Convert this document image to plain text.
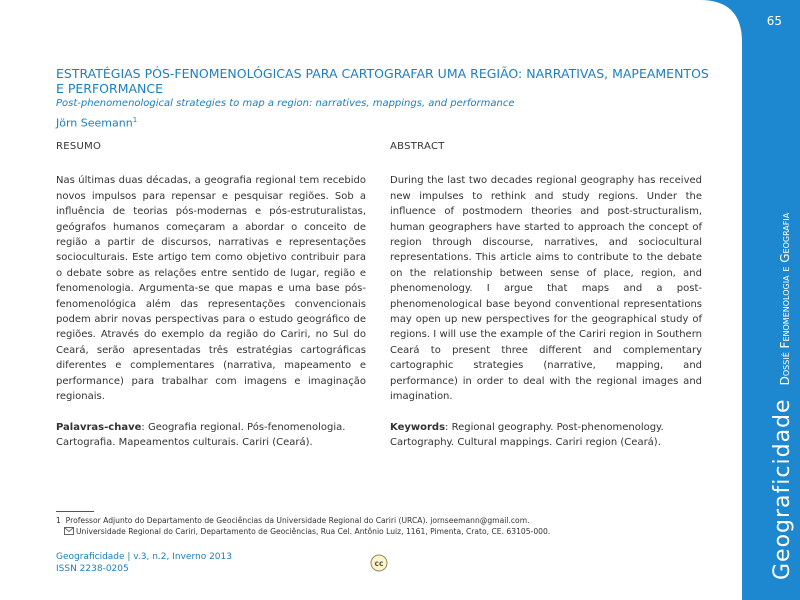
65
Geograficidade Dossiê Fenomenologia e Geografia
ESTRATÉGIAS PÓS-FENOMENOLÓGICAS PARA CARTOGRAFAR UMA REGIÃO: NARRATIVAS, MAPEAMENTOS E PERFORMANCE
Post-phenomenological strategies to map a region: narratives, mappings, and performance
Jörn Seemann$^1$
RESUMO

Nas últimas duas décadas, a geografia regional tem recebido novos impulsos para repensar e pesquisar regiões. Sob a influência de teorias pós-modernas e pós-estruturalistas, geógrafos humanos começaram a abordar o conceito de região a partir de discursos, narrativas e representações socioculturais. Este artigo tem como objetivo contribuir para o debate sobre as relações entre sentido de lugar, região e fenomenologia. Argumenta-se que mapas e uma base pós-fenomenológica além das representações convencionais podem abrir novas perspectivas para o estudo geográfico de regiões. Através do exemplo da região do Cariri, no Sul do Ceará, serão apresentadas três estratégias cartográficas diferentes e complementares (narrativa, mapeamento e performance) para trabalhar com imagens e imaginação regionais.

Palavras-chave: Geografia regional. Pós-fenomenologia. Cartografia. Mapeamentos culturais. Cariri (Ceará).

ABSTRACT

During the last two decades regional geography has received new impulses to rethink and study regions. Under the influence of postmodern theories and post-structuralism, human geographers have started to approach the concept of region through discourse, narratives, and sociocultural representations. This article aims to contribute to the debate on the relationship between sense of place, region, and phenomenology. I argue that maps and a post-phenomenological base beyond conventional representations may open up new perspectives for the geographical study of regions. I will use the example of the Cariri region in Southern Ceará to present three different and complementary cartographic strategies (narrative, mapping, and performance) in order to deal with the regional images and imagination.

Keywords: Regional geography. Post-phenomenology. Cartography. Cultural mappings. Cariri region (Ceará).

1 Professor Adjunto do Departamento de Geociências da Universidade Regional do Cariri (URCA). jornseemann@gmail.com.
Universidade Regional do Cariri, Departamento de Geociências, Rua Cel. Antônio Luiz, 1161, Pimenta, Crato, CE. 63105-000.
Geograficidade | v.3, n.2, Inverno 2013
ISSN 2238-0205
cc
